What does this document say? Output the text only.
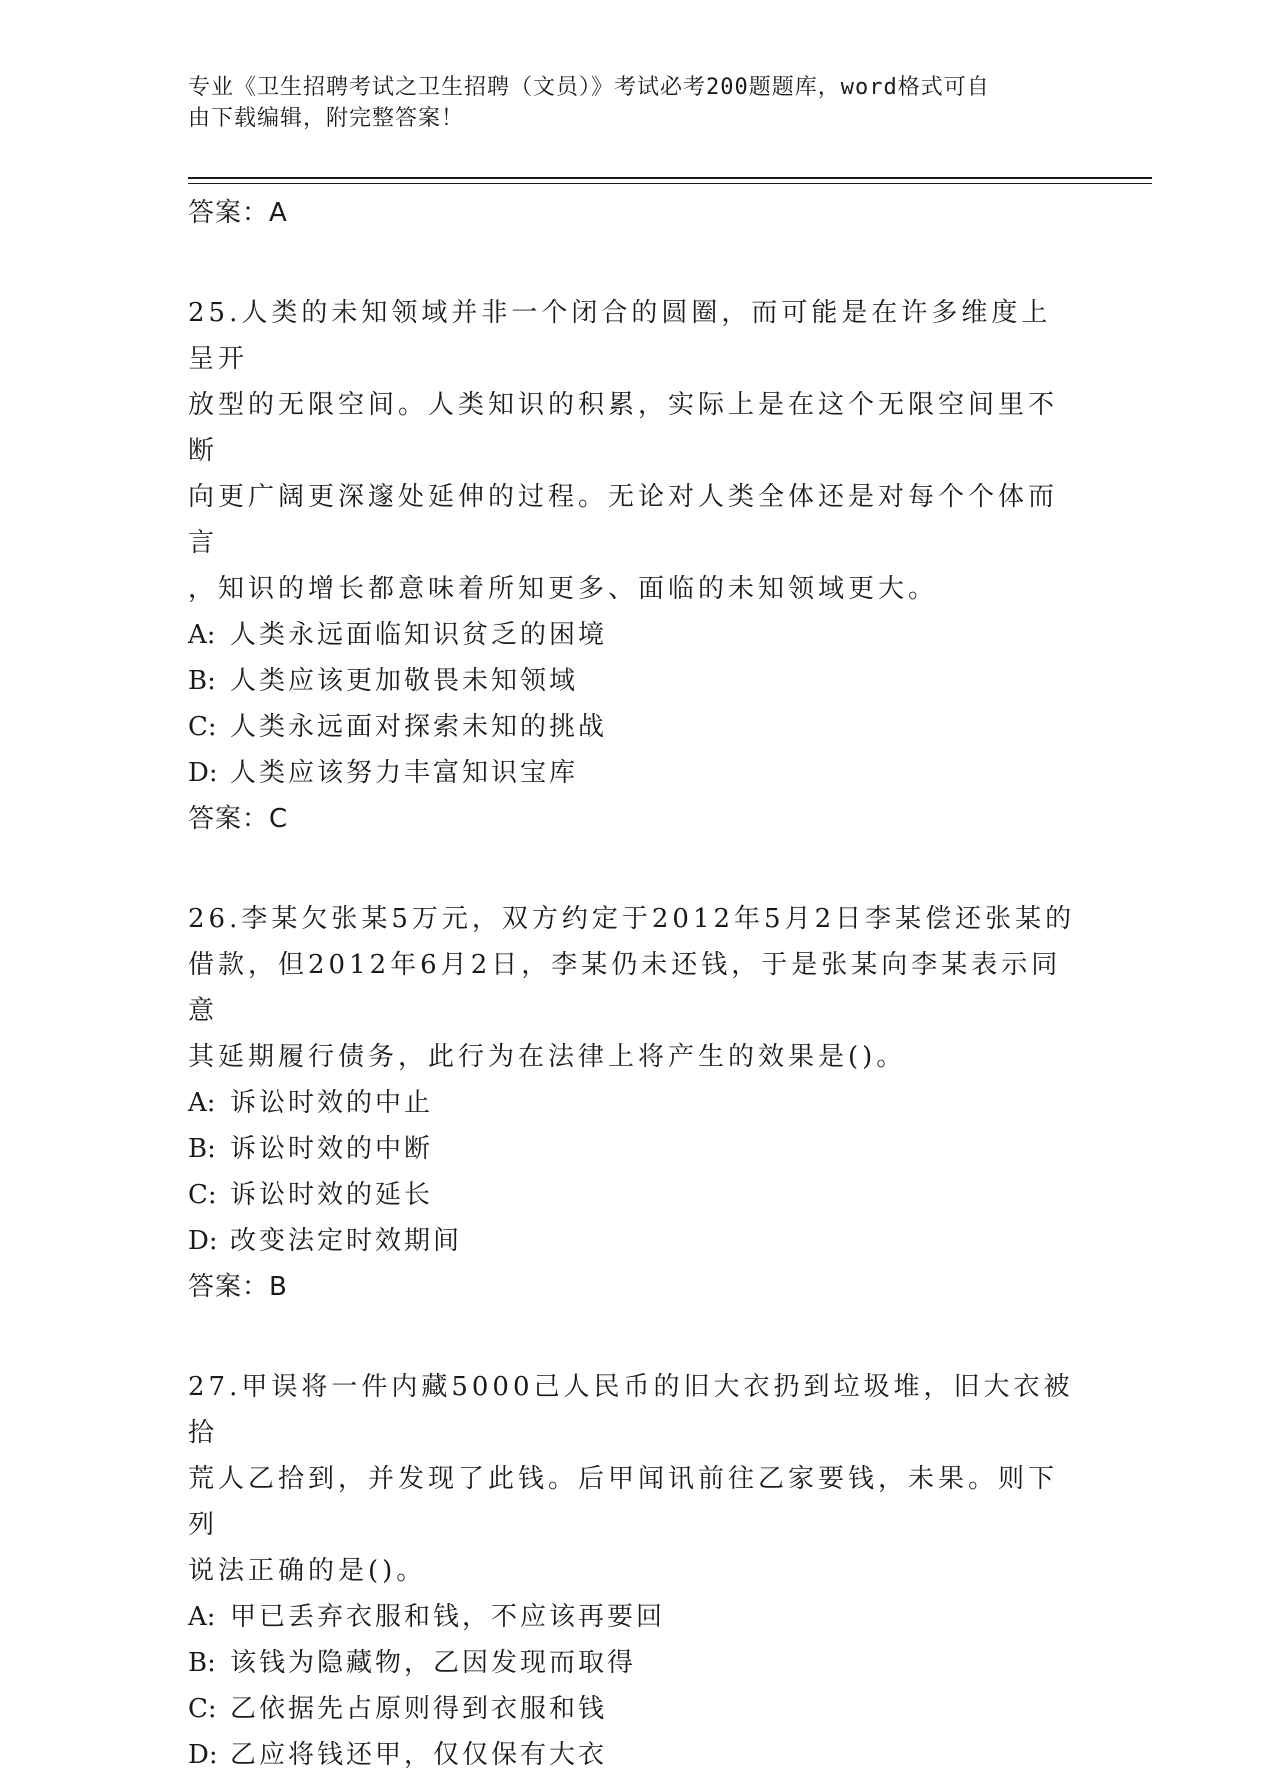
专业《卫生招聘考试之卫生招聘（文员）》考试必考200题题库，word格式可自
由下载编辑，附完整答案！
答案：A
25.人类的未知领域并非一个闭合的圆圈，而可能是在许多维度上呈开
放型的无限空间。人类知识的积累，实际上是在这个无限空间里不断
向更广阔更深邃处延伸的过程。无论对人类全体还是对每个个体而言
，知识的增长都意味着所知更多、面临的未知领域更大。
A: 人类永远面临知识贫乏的困境
B: 人类应该更加敬畏未知领域
C: 人类永远面对探索未知的挑战
D: 人类应该努力丰富知识宝库
答案：C
26.李某欠张某5万元，双方约定于2012年5月2日李某偿还张某的
借款，但2012年6月2日，李某仍未还钱，于是张某向李某表示同意
其延期履行债务，此行为在法律上将产生的效果是()。
A: 诉讼时效的中止
B: 诉讼时效的中断
C: 诉讼时效的延长
D: 改变法定时效期间
答案：B
27.甲误将一件内藏5000己人民币的旧大衣扔到垃圾堆，旧大衣被拾
荒人乙拾到，并发现了此钱。后甲闻讯前往乙家要钱，未果。则下列
说法正确的是()。
A: 甲已丢弃衣服和钱，不应该再要回
B: 该钱为隐藏物，乙因发现而取得
C: 乙依据先占原则得到衣服和钱
D: 乙应将钱还甲，仅仅保有大衣
